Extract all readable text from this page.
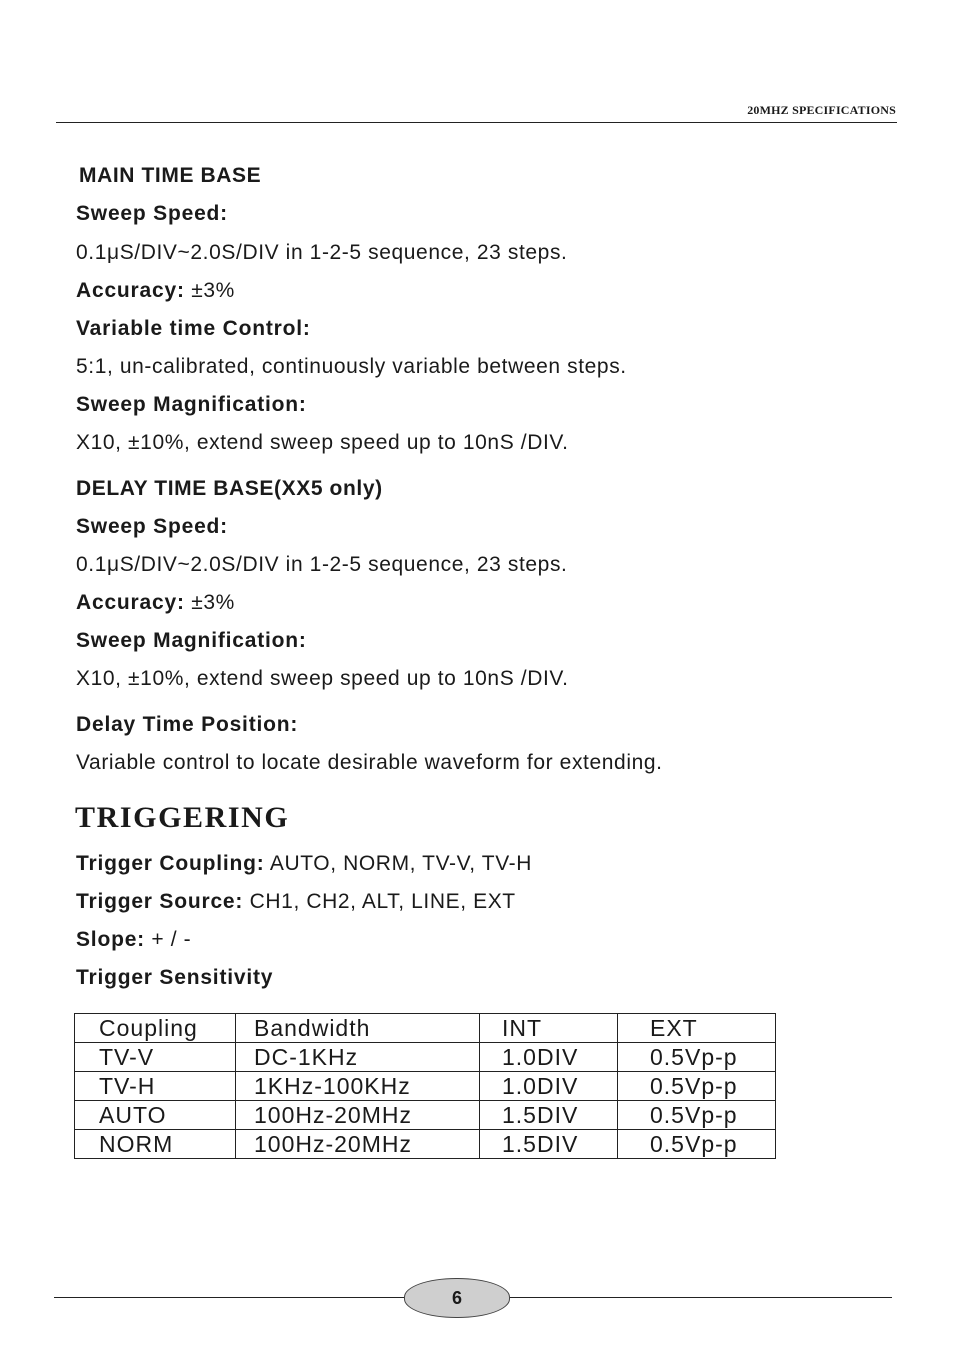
20MHZ SPECIFICATIONS
MAIN TIME BASE
Sweep Speed:
0.1μS/DIV~2.0S/DIV in 1-2-5 sequence, 23 steps.
Accuracy: ±3%
Variable time Control:
5:1, un-calibrated, continuously variable between steps.
Sweep Magnification:
X10, ±10%, extend sweep speed up to 10nS /DIV.
DELAY TIME BASE(XX5 only)
Sweep Speed:
0.1μS/DIV~2.0S/DIV in 1-2-5 sequence, 23 steps.
Accuracy: ±3%
Sweep Magnification:
X10, ±10%, extend sweep speed up to 10nS /DIV.
Delay Time Position:
Variable control to locate desirable waveform for extending.
TRIGGERING
Trigger Coupling: AUTO, NORM, TV-V, TV-H
Trigger Source: CH1, CH2, ALT, LINE, EXT
Slope: + / -
Trigger Sensitivity
Coupling	Bandwidth	INT	EXT
TV-V	DC-1KHz	1.0DIV	0.5Vp-p
TV-H	1KHz-100KHz	1.0DIV	0.5Vp-p
AUTO	100Hz-20MHz	1.5DIV	0.5Vp-p
NORM	100Hz-20MHz	1.5DIV	0.5Vp-p
6
